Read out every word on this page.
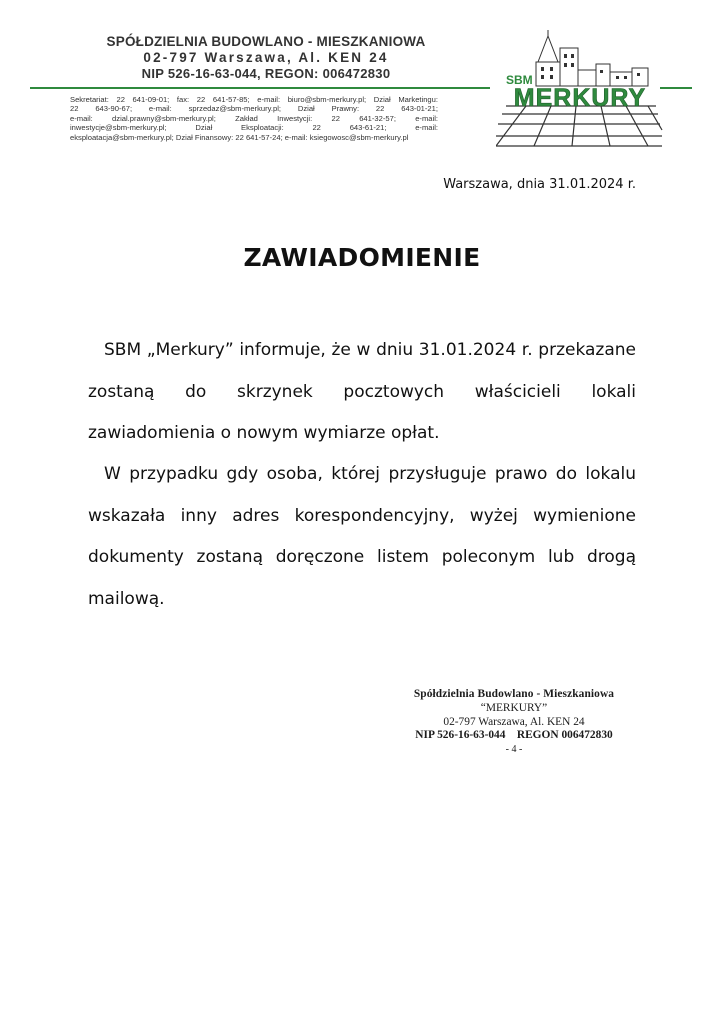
SPÓŁDZIELNIA BUDOWLANO - MIESZKANIOWA
02-797 Warszawa, Al. KEN 24
NIP 526-16-63-044, REGON: 006472830
Sekretariat: 22 641-09-01; fax: 22 641-57-85; e-mail: biuro@sbm-merkury.pl; Dział Marketingu:
22 643-90-67; e-mail: sprzedaz@sbm-merkury.pl; Dział Prawny: 22 643-01-21;
e-mail: dzial.prawny@sbm-merkury.pl; Zakład Inwestycji: 22 641-32-57; e-mail:
inwestycje@sbm-merkury.pl; Dział Eksploatacji: 22 643-61-21; e-mail:
eksploatacja@sbm-merkury.pl; Dział Finansowy: 22 641-57-24; e-mail: ksiegowosc@sbm-merkury.pl
SBM
MERKURY
Warszawa, dnia 31.01.2024 r.
ZAWIADOMIENIE

SBM „Merkury” informuje, że w dniu 31.01.2024 r. przekazane zostaną do skrzynek pocztowych właścicieli lokali zawiadomienia o nowym wymiarze opłat.

W przypadku gdy osoba, której przysługuje prawo do lokalu wskazała inny adres korespondencyjny, wyżej wymienione dokumenty zostaną doręczone listem poleconym lub drogą mailową.

Spółdzielnia Budowlano - Mieszkaniowa
“MERKURY”
02-797 Warszawa, Al. KEN 24
NIP 526-16-63-044    REGON 006472830
- 4 -
